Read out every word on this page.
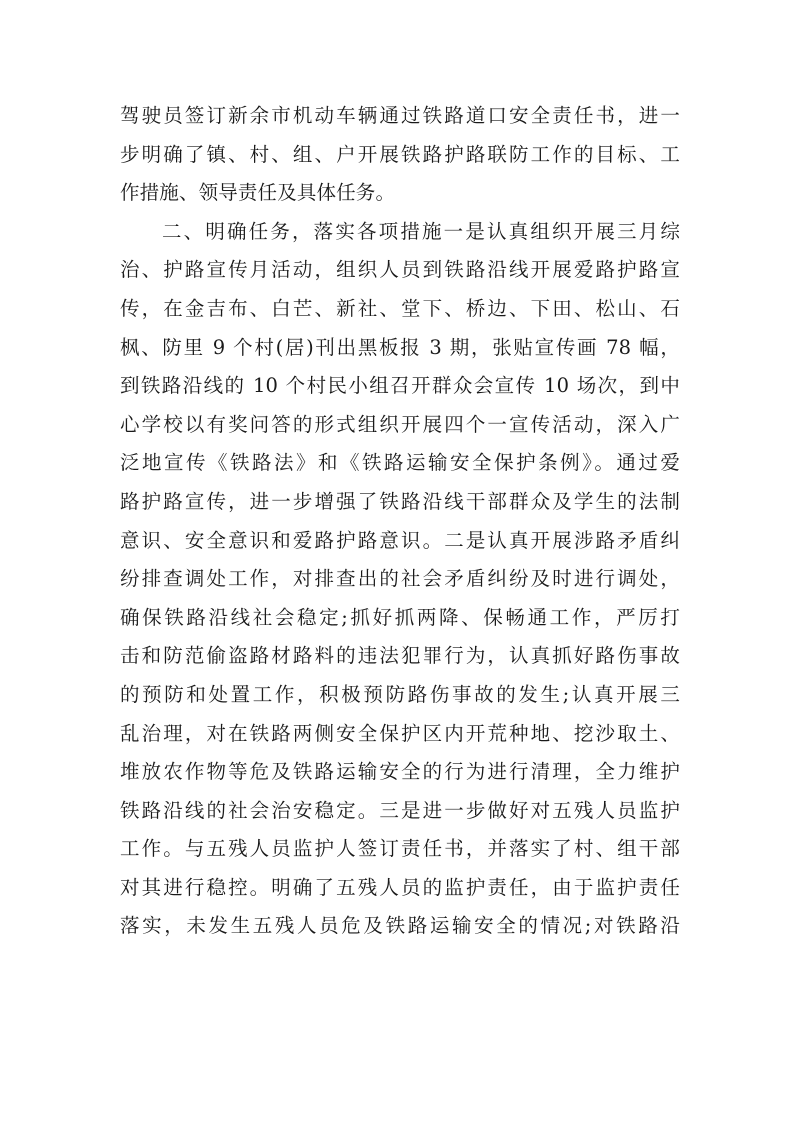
驾驶员签订新余市机动车辆通过铁路道口安全责任书，进一
步明确了镇、村、组、户开展铁路护路联防工作的目标、工
作措施、领导责任及具体任务。
二、明确任务，落实各项措施一是认真组织开展三月综
治、护路宣传月活动，组织人员到铁路沿线开展爱路护路宣
传，在金吉布、白芒、新社、堂下、桥边、下田、松山、石
枫、防里 9 个村(居)刊出黑板报 3 期，张贴宣传画 78 幅，
到铁路沿线的 10 个村民小组召开群众会宣传 10 场次，到中
心学校以有奖问答的形式组织开展四个一宣传活动，深入广
泛地宣传《铁路法》和《铁路运输安全保护条例》。通过爱
路护路宣传，进一步增强了铁路沿线干部群众及学生的法制
意识、安全意识和爱路护路意识。二是认真开展涉路矛盾纠
纷排查调处工作，对排查出的社会矛盾纠纷及时进行调处，
确保铁路沿线社会稳定;抓好抓两降、保畅通工作，严厉打
击和防范偷盗路材路料的违法犯罪行为，认真抓好路伤事故
的预防和处置工作，积极预防路伤事故的发生;认真开展三
乱治理，对在铁路两侧安全保护区内开荒种地、挖沙取土、
堆放农作物等危及铁路运输安全的行为进行清理，全力维护
铁路沿线的社会治安稳定。三是进一步做好对五残人员监护
工作。与五残人员监护人签订责任书，并落实了村、组干部
对其进行稳控。明确了五残人员的监护责任，由于监护责任
落实，未发生五残人员危及铁路运输安全的情况;对铁路沿
